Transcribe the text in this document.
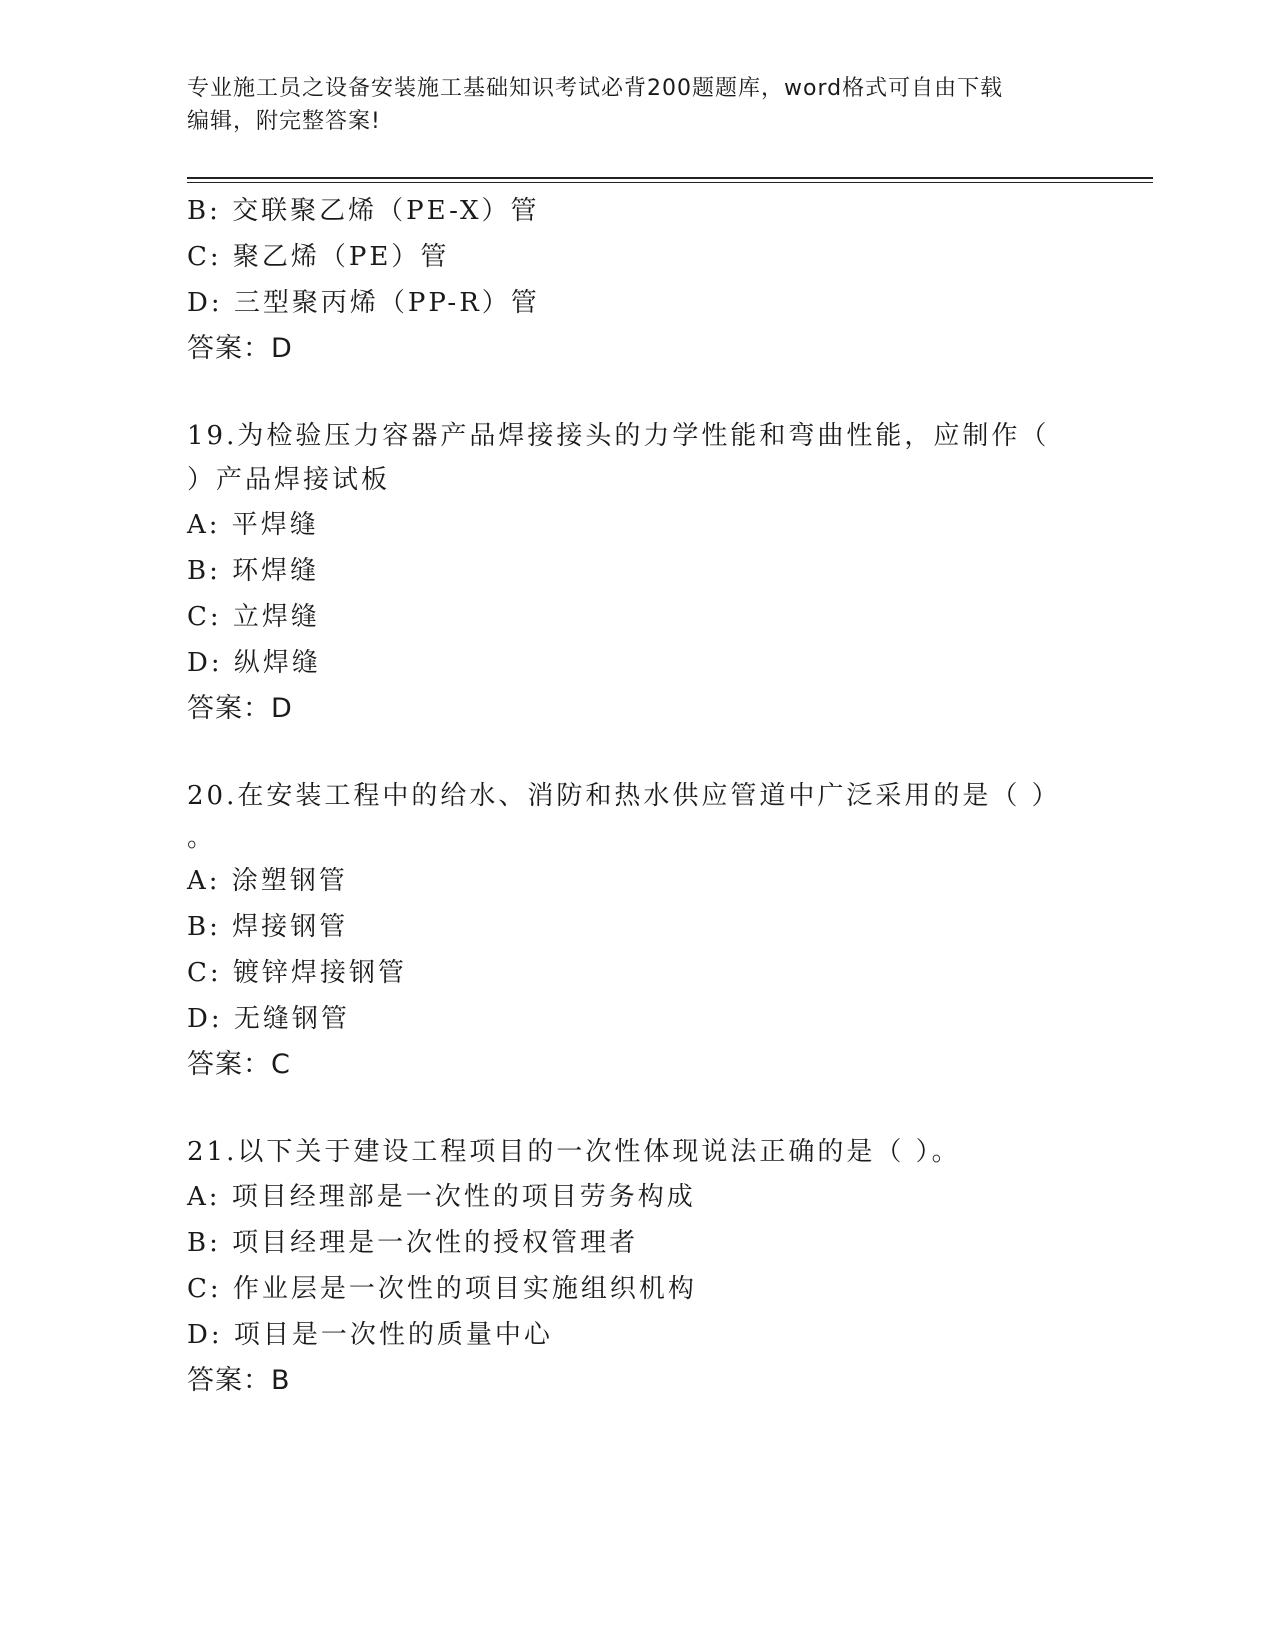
专业施工员之设备安装施工基础知识考试必背200题题库，word格式可自由下载
编辑，附完整答案!
B: 交联聚乙烯（PE-X）管
C: 聚乙烯（PE）管
D: 三型聚丙烯（PP-R）管
答案：D
19.为检验压力容器产品焊接接头的力学性能和弯曲性能，应制作（
）产品焊接试板
A: 平焊缝
B: 环焊缝
C: 立焊缝
D: 纵焊缝
答案：D
20.在安装工程中的给水、消防和热水供应管道中广泛采用的是（ ）
。
A: 涂塑钢管
B: 焊接钢管
C: 镀锌焊接钢管
D: 无缝钢管
答案：C
21.以下关于建设工程项目的一次性体现说法正确的是（ ）。
A: 项目经理部是一次性的项目劳务构成
B: 项目经理是一次性的授权管理者
C: 作业层是一次性的项目实施组织机构
D: 项目是一次性的质量中心
答案：B
